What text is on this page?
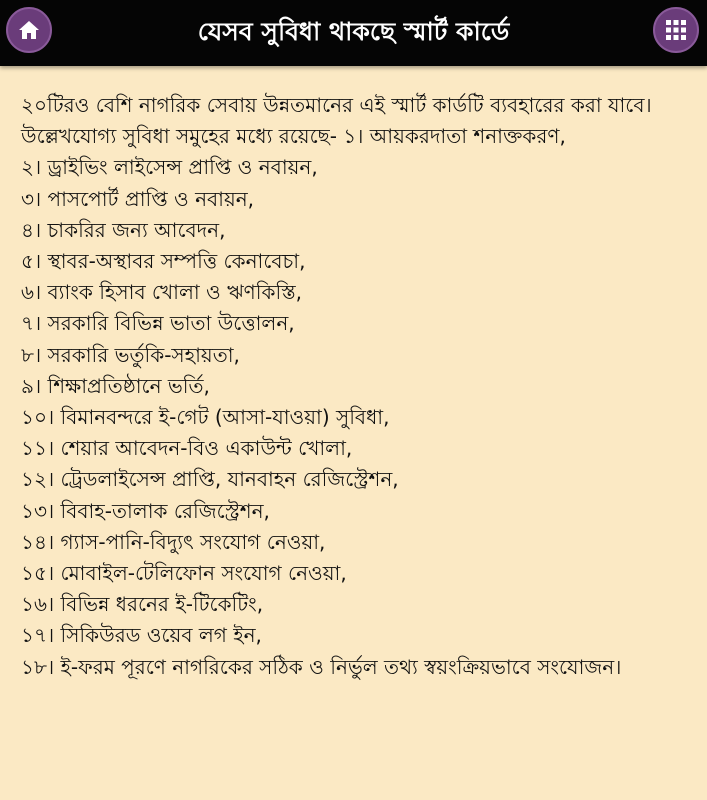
যেসব সুবিধা থাকছে স্মার্ট কার্ডে

২০টিরও বেশি নাগরিক সেবায় উন্নতমানের এই স্মার্ট কার্ডটি ব্যবহারের করা যাবে। উল্লেখযোগ্য সুবিধা সমুহের মধ্যে রয়েছে- ১। আয়করদাতা শনাক্তকরণ,

২। ড্রাইভিং লাইসেন্স প্রাপ্তি ও নবায়ন,

৩। পাসপোর্ট প্রাপ্তি ও নবায়ন,

৪। চাকরির জন্য আবেদন,

৫। স্থাবর-অস্থাবর সম্পত্তি কেনাবেচা,

৬। ব্যাংক হিসাব খোলা ও ঋণকিস্তি,

৭। সরকারি বিভিন্ন ভাতা উত্তোলন,

৮। সরকারি ভর্তুকি-সহায়তা,

৯। শিক্ষাপ্রতিষ্ঠানে ভর্তি,

১০। বিমানবন্দরে ই-গেট (আসা-যাওয়া) সুবিধা,

১১। শেয়ার আবেদন-বিও একাউন্ট খোলা,

১২। ট্রেডলাইসেন্স প্রাপ্তি, যানবাহন রেজিস্ট্রেশন,

১৩। বিবাহ-তালাক রেজিস্ট্রেশন,

১৪। গ্যাস-পানি-বিদ্যুৎ সংযোগ নেওয়া,

১৫। মোবাইল-টেলিফোন সংযোগ নেওয়া,

১৬। বিভিন্ন ধরনের ই-টিকেটিং,

১৭। সিকিউরড ওয়েব লগ ইন,

১৮। ই-ফরম পূরণে নাগরিকের সঠিক ও নির্ভুল তথ্য স্বয়ংক্রিয়ভাবে সংযোজন।
